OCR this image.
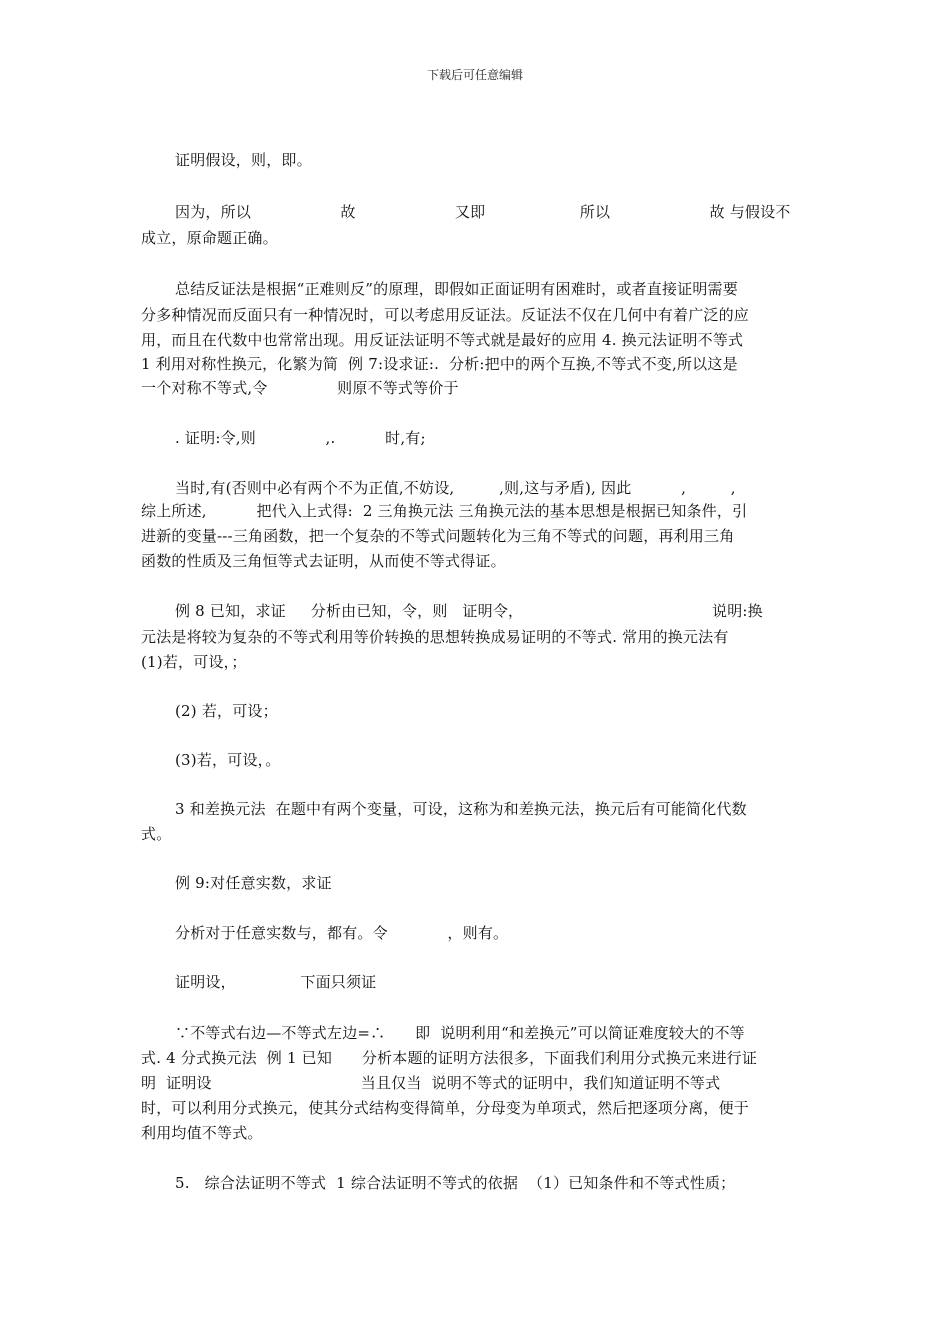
下载后可任意编辑
证明假设，则，即。
因为，所以                  故                    又即                   所以                    故 与假设不
成立，原命题正确。
总结反证法是根据“正难则反”的原理，即假如正面证明有困难时，或者直接证明需要
分多种情况而反面只有一种情况时，可以考虑用反证法。反证法不仅在几何中有着广泛的应
用，而且在代数中也常常出现。用反证法证明不等式就是最好的应用 4. 换元法证明不等式
1 利用对称性换元，化繁为简  例 7:设求证:.  分析:把中的两个互换,不等式不变,所以这是
一个对称不等式,令              则原不等式等价于
. 证明:令,则              ,.          时,有;
当时,有(否则中必有两个不为正值,不妨设,         ,则,这与矛盾), 因此          ,         ,
综上所述,          把代入上式得:  2 三角换元法 三角换元法的基本思想是根据已知条件，引
进新的变量---三角函数，把一个复杂的不等式问题转化为三角不等式的问题，再利用三角
函数的性质及三角恒等式去证明，从而使不等式得证。
例 8 已知，求证     分析由已知，令，则   证明令，                                      说明:换
元法是将较为复杂的不等式利用等价转换的思想转换成易证明的不等式. 常用的换元法有
(1)若，可设，；
(2) 若，可设；
(3)若，可设，。
3 和差换元法  在题中有两个变量，可设，这称为和差换元法，换元后有可能简化代数
式。
例 9:对任意实数，求证
分析对于任意实数与，都有。令            ，则有。
证明设，             下面只须证
∵不等式右边—不等式左边=∴      即  说明利用“和差换元”可以简证难度较大的不等
式. 4 分式换元法  例 1 已知      分析本题的证明方法很多，下面我们利用分式换元来进行证
明  证明设                              当且仅当  说明不等式的证明中，我们知道证明不等式
时，可以利用分式换元，使其分式结构变得简单，分母变为单项式，然后把逐项分离，便于
利用均值不等式。
5.   综合法证明不等式  1 综合法证明不等式的依据  （1）已知条件和不等式性质；
